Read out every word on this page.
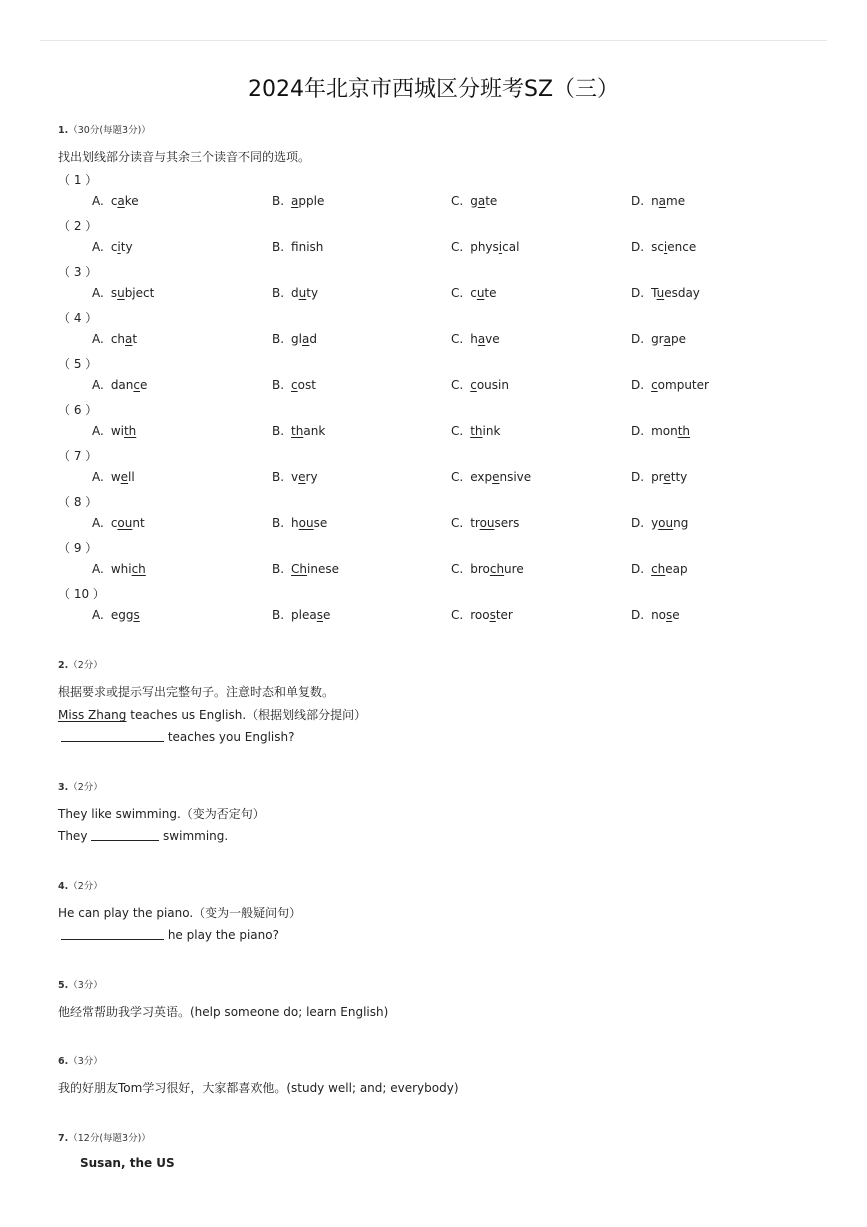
2024年北京市西城区分班考SZ（三）
1.（30分(每题3分)）
找出划线部分读音与其余三个读音不同的选项。
（ 1 ）
A. cake	B. apple	C. gate	D. name
（ 2 ）
A. city	B. fnish	C. physical	D. science
（ 3 ）
A. subject	B. duty	C. cute	D. Tuesday
（ 4 ）
A. chat	B. glad	C. have	D. grape
（ 5 ）
A. dance	B. cost	C. cousin	D. computer
（ 6 ）
A. with	B. thank	C. think	D. month
（ 7 ）
A. well	B. very	C. expensive	D. pretty
（ 8 ）
A. count	B. house	C. trousers	D. young
（ 9 ）
A. which	B. Chinese	C. brochure	D. cheap
（ 10 ）
A. eggs	B. please	C. rooster	D. nose
2.（2分）
根据要求或提示写出完整句子。注意时态和单复数。
Miss Zhang teaches us English.（根据划线部分提问）
teaches you English?
3.（2分）
They like swimming.（变为否定句）
They	swimming.
4.（2分）
He can play the piano.（变为一般疑问句）
he play the piano?
5.（3分）
他经常帮助我学习英语。(help someone do; learn English)
6.（3分）
我的好朋友Tom学习很好，大家都喜欢他。(study well; and; everybody)
7.（12分(每题3分)）
Susan, the US
